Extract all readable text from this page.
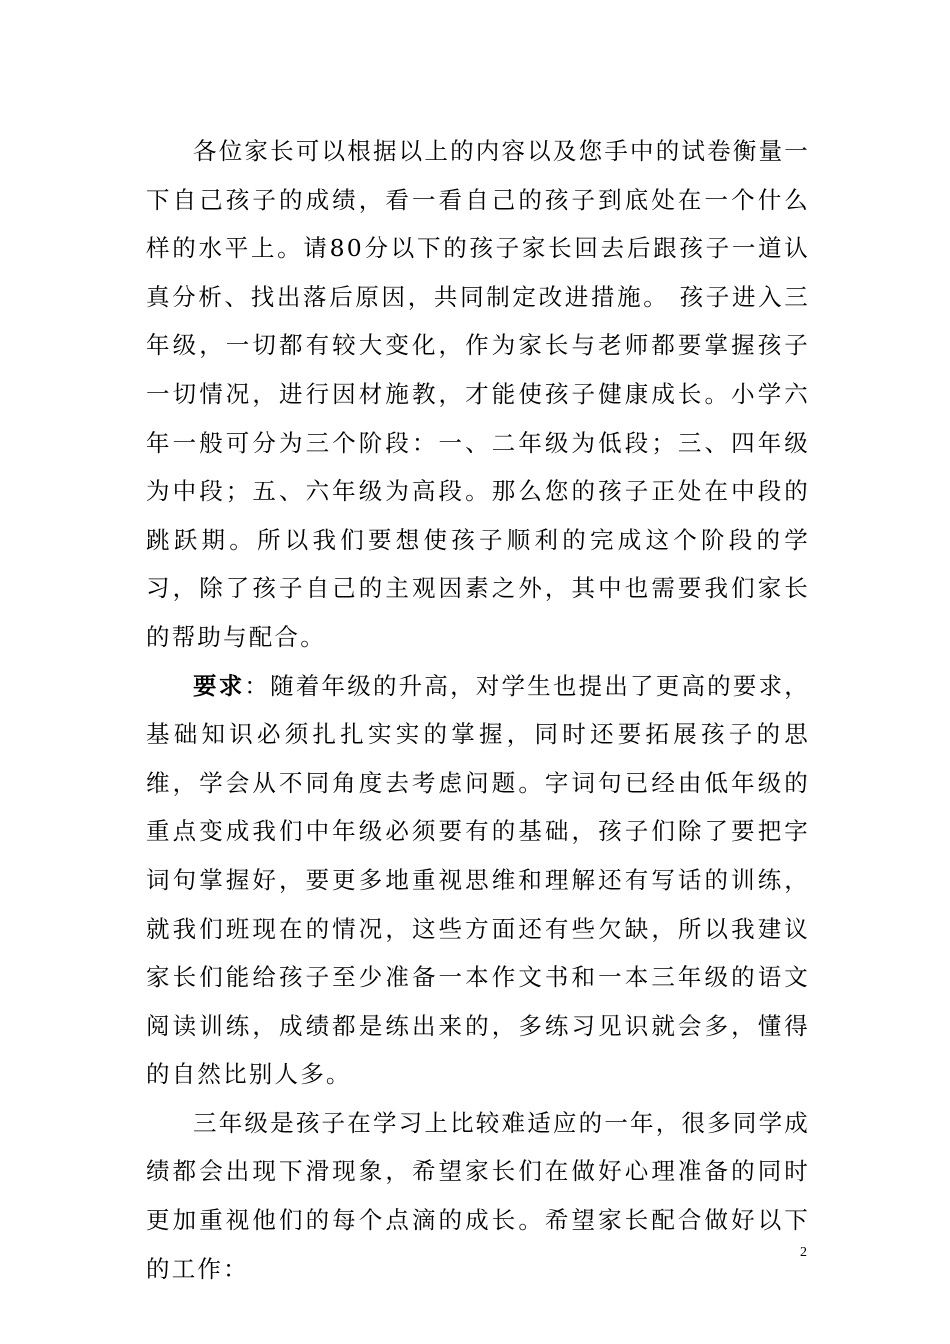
各位家长可以根据以上的内容以及您手中的试卷衡量一下自己孩子的成绩，看一看自己的孩子到底处在一个什么样的水平上。请80分以下的孩子家长回去后跟孩子一道认真分析、找出落后原因，共同制定改进措施。 孩子进入三年级，一切都有较大变化，作为家长与老师都要掌握孩子一切情况，进行因材施教，才能使孩子健康成长。小学六年一般可分为三个阶段：一、二年级为低段；三、四年级为中段；五、六年级为高段。那么您的孩子正处在中段的跳跃期。所以我们要想使孩子顺利的完成这个阶段的学习，除了孩子自己的主观因素之外，其中也需要我们家长的帮助与配合。

要求：随着年级的升高，对学生也提出了更高的要求，基础知识必须扎扎实实的掌握，同时还要拓展孩子的思维，学会从不同角度去考虑问题。字词句已经由低年级的重点变成我们中年级必须要有的基础，孩子们除了要把字词句掌握好，要更多地重视思维和理解还有写话的训练，就我们班现在的情况，这些方面还有些欠缺，所以我建议家长们能给孩子至少准备一本作文书和一本三年级的语文阅读训练，成绩都是练出来的，多练习见识就会多，懂得的自然比别人多。

三年级是孩子在学习上比较难适应的一年，很多同学成绩都会出现下滑现象，希望家长们在做好心理准备的同时更加重视他们的每个点滴的成长。希望家长配合做好以下的工作：

2
